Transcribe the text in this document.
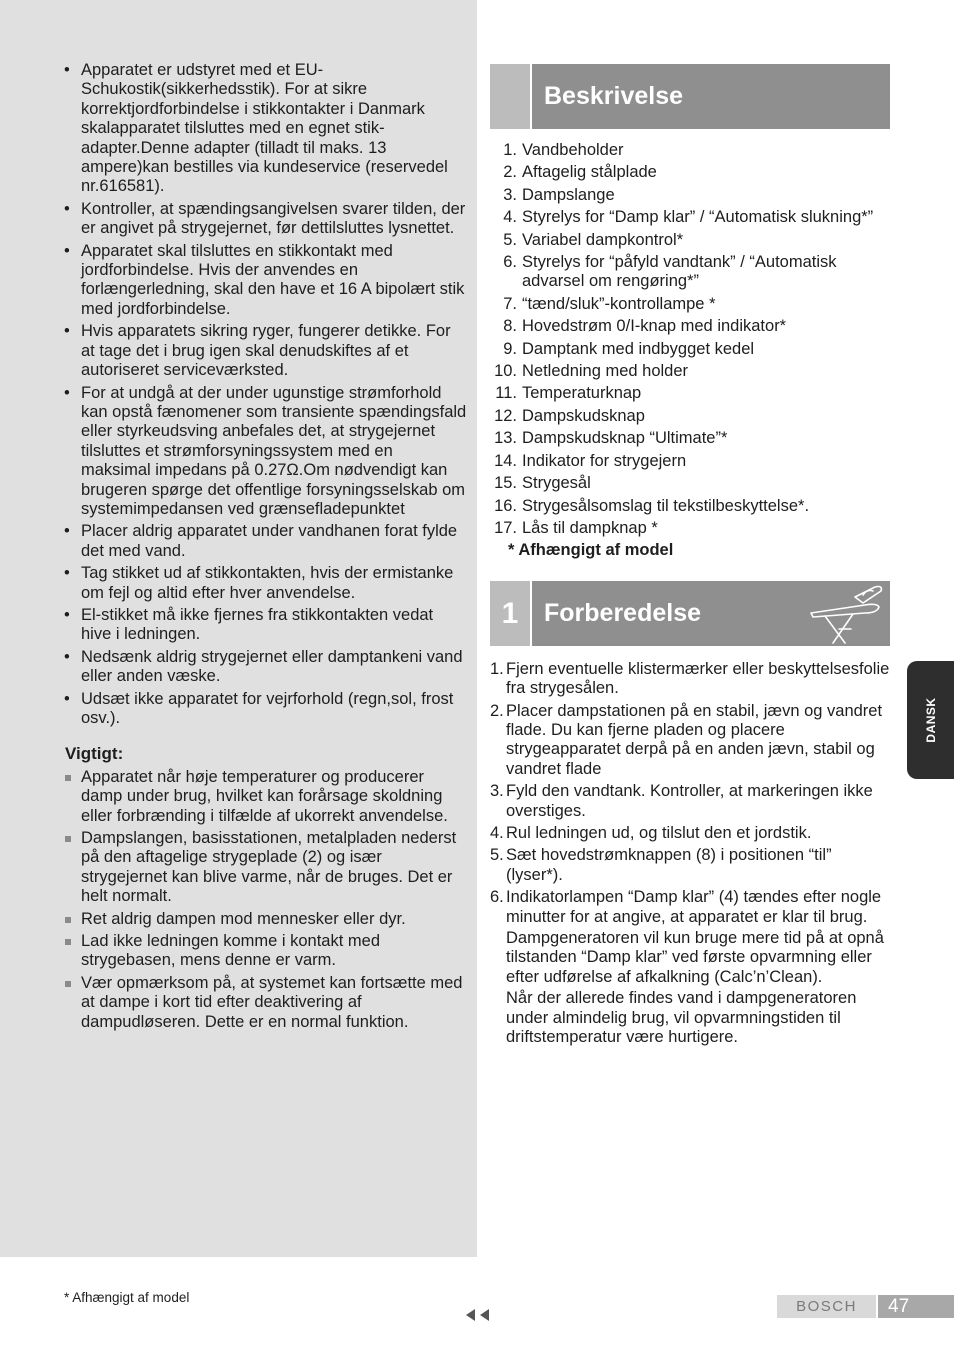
• Apparatet er udstyret med et EU-Schukostik(sikkerhedsstik). For at sikre korrektjordforbindelse i stikkontakter i Danmark skalapparatet tilsluttes med en egnet stik-adapter.Denne adapter (tilladt til maks. 13 ampere)kan bestilles via kundeservice (reservedel nr.616581).
• Kontroller, at spændingsangivelsen svarer tilden, der er angivet på strygejernet, før dettilsluttes lysnettet.
• Apparatet skal tilsluttes en stikkontakt med jordforbindelse. Hvis der anvendes en forlængerledning, skal den have et 16 A bipolært stik med jordforbindelse.
• Hvis apparatets sikring ryger, fungerer detikke. For at tage det i brug igen skal denudskiftes af et autoriseret serviceværksted.
• For at undgå at der under ugunstige strømforhold kan opstå fænomener som transiente spændingsfald eller styrkeudsving anbefales det, at strygejernet tilsluttes et strømforsyningssystem med en maksimal impedans på 0.27Ω.Om nødvendigt kan brugeren spørge det offentlige forsyningsselskab om systemimpedansen ved grænsefladepunktet
• Placer aldrig apparatet under vandhanen forat fylde det med vand.
• Tag stikket ud af stikkontakten, hvis der ermistanke om fejl og altid efter hver anvendelse.
• El-stikket må ikke fjernes fra stikkontakten vedat hive i ledningen.
• Nedsænk aldrig strygejernet eller damptankeni vand eller anden væske.
• Udsæt ikke apparatet for vejrforhold (regn,sol, frost osv.).
Vigtigt:
Apparatet når høje temperaturer og producerer damp under brug, hvilket kan forårsage skoldning eller forbrænding i tilfælde af ukorrekt anvendelse.
Dampslangen, basisstationen, metalpladen nederst på den aftagelige strygeplade (2) og især strygejernet kan blive varme, når de bruges. Det er helt normalt.
Ret aldrig dampen mod mennesker eller dyr.
Lad ikke ledningen komme i kontakt med strygebasen, mens denne er varm.
Vær opmærksom på, at systemet kan fortsætte med at dampe i kort tid efter deaktivering af dampudløseren. Dette er en normal funktion.
Beskrivelse
1. Vandbeholder
2. Aftagelig stålplade
3. Dampslange
4. Styrelys for “Damp klar” / “Automatisk slukning*”
5. Variabel dampkontrol*
6. Styrelys for “påfyld vandtank” / “Automatisk advarsel om rengøring*”
7. “tænd/sluk”-kontrollampe *
8. Hovedstrøm 0/I-knap med indikator*
9. Damptank med indbygget kedel
10. Netledning med holder
11. Temperaturknap
12. Dampskudsknap
13. Dampskudsknap “Ultimate”*
14. Indikator for strygejern
15. Strygesål
16. Strygesålsomslag til tekstilbeskyttelse*.
17. Lås til dampknap *
* Afhængigt af model
1	Forberedelse
1. Fjern eventuelle klistermærker eller beskyttelsesfolie fra strygesålen.

2. Placer dampstationen på en stabil, jævn og vandret flade. Du kan fjerne pladen og placere strygeapparatet derpå på en anden jævn, stabil og vandret flade

3. Fyld den vandtank. Kontroller, at markeringen ikke overstiges.

4. Rul ledningen ud, og tilslut den et jordstik.

5. Sæt hovedstrømknappen (8) i positionen “til” (lyser*).

6. Indikatorlampen “Damp klar” (4) tændes efter nogle minutter for at angive, at apparatet er klar til brug.

Dampgeneratoren vil kun bruge mere tid på at opnå tilstanden “Damp klar” ved første opvarmning eller efter udførelse af afkalkning (Calc’n’Clean).

Når der allerede findes vand i dampgeneratoren under almindelig brug, vil opvarmningstiden til driftstemperatur være hurtigere.

DANSK
* Afhængigt af model
BOSCH	47
